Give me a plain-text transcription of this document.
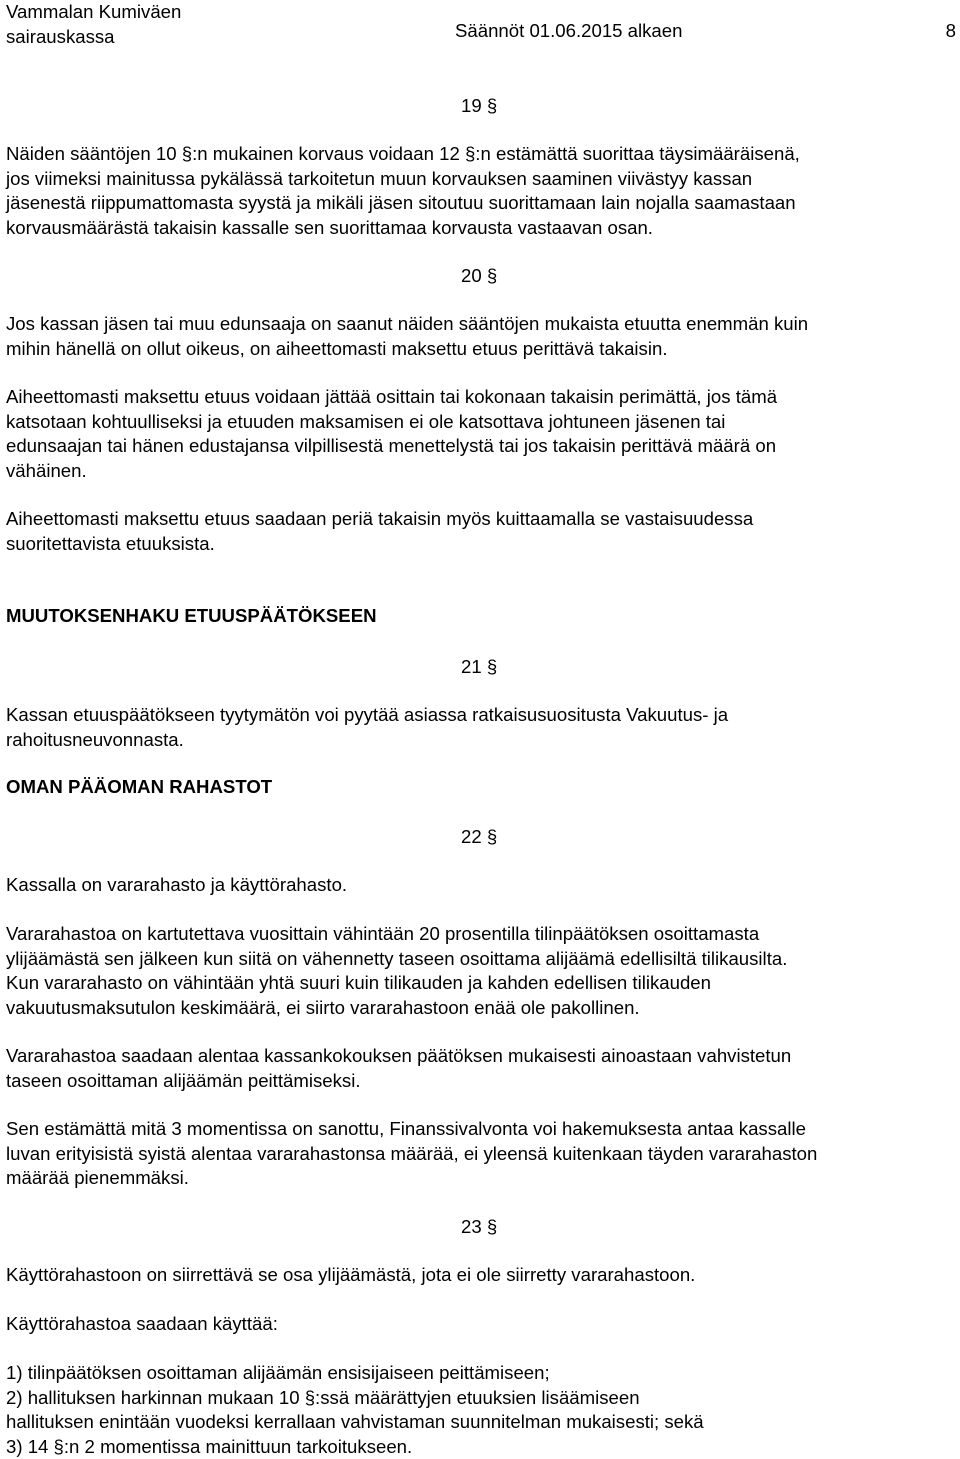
Vammalan Kumiväen
sairauskassa	Säännöt 01.06.2015 alkaen	8
19 §
Näiden sääntöjen 10 §:n mukainen korvaus voidaan 12 §:n estämättä suorittaa täysimääräisenä,
jos viimeksi mainitussa pykälässä tarkoitetun muun korvauksen saaminen viivästyy kassan
jäsenestä riippumattomasta syystä ja mikäli jäsen sitoutuu suorittamaan lain nojalla saamastaan
korvausmäärästä takaisin kassalle sen suorittamaa korvausta vastaavan osan.
20 §
Jos kassan jäsen tai muu edunsaaja on saanut näiden sääntöjen mukaista etuutta enemmän kuin
mihin hänellä on ollut oikeus, on aiheettomasti maksettu etuus perittävä takaisin.
Aiheettomasti maksettu etuus voidaan jättää osittain tai kokonaan takaisin perimättä, jos tämä
katsotaan kohtuulliseksi ja etuuden maksamisen ei ole katsottava johtuneen jäsenen tai
edunsaajan tai hänen edustajansa vilpillisestä menettelystä tai jos takaisin perittävä määrä on
vähäinen.
Aiheettomasti maksettu etuus saadaan periä takaisin myös kuittaamalla se vastaisuudessa
suoritettavista etuuksista.
MUUTOKSENHAKU ETUUSPÄÄTÖKSEEN
21 §
Kassan etuuspäätökseen tyytymätön voi pyytää asiassa ratkaisusuositusta Vakuutus- ja
rahoitusneuvonnasta.
OMAN PÄÄOMAN RAHASTOT
22 §
Kassalla on vararahasto ja käyttörahasto.
Vararahastoa on kartutettava vuosittain vähintään 20 prosentilla tilinpäätöksen osoittamasta
ylijäämästä sen jälkeen kun siitä on vähennetty taseen osoittama alijäämä edellisiltä tilikausilta.
Kun vararahasto on vähintään yhtä suuri kuin tilikauden ja kahden edellisen tilikauden
vakuutusmaksutulon keskimäärä, ei siirto vararahastoon enää ole pakollinen.
Vararahastoa saadaan alentaa kassankokouksen päätöksen mukaisesti ainoastaan vahvistetun
taseen osoittaman alijäämän peittämiseksi.
Sen estämättä mitä 3 momentissa on sanottu, Finanssivalvonta voi hakemuksesta antaa kassalle
luvan erityisistä syistä alentaa vararahastonsa määrää, ei yleensä kuitenkaan täyden vararahaston
määrää pienemmäksi.
23 §
Käyttörahastoon on siirrettävä se osa ylijäämästä, jota ei ole siirretty vararahastoon.
Käyttörahastoa saadaan käyttää:
1) tilinpäätöksen osoittaman alijäämän ensisijaiseen peittämiseen;
2) hallituksen harkinnan mukaan 10 §:ssä määrättyjen etuuksien lisäämiseen
hallituksen enintään vuodeksi kerrallaan vahvistaman suunnitelman mukaisesti; sekä
3) 14 §:n 2 momentissa mainittuun tarkoitukseen.
